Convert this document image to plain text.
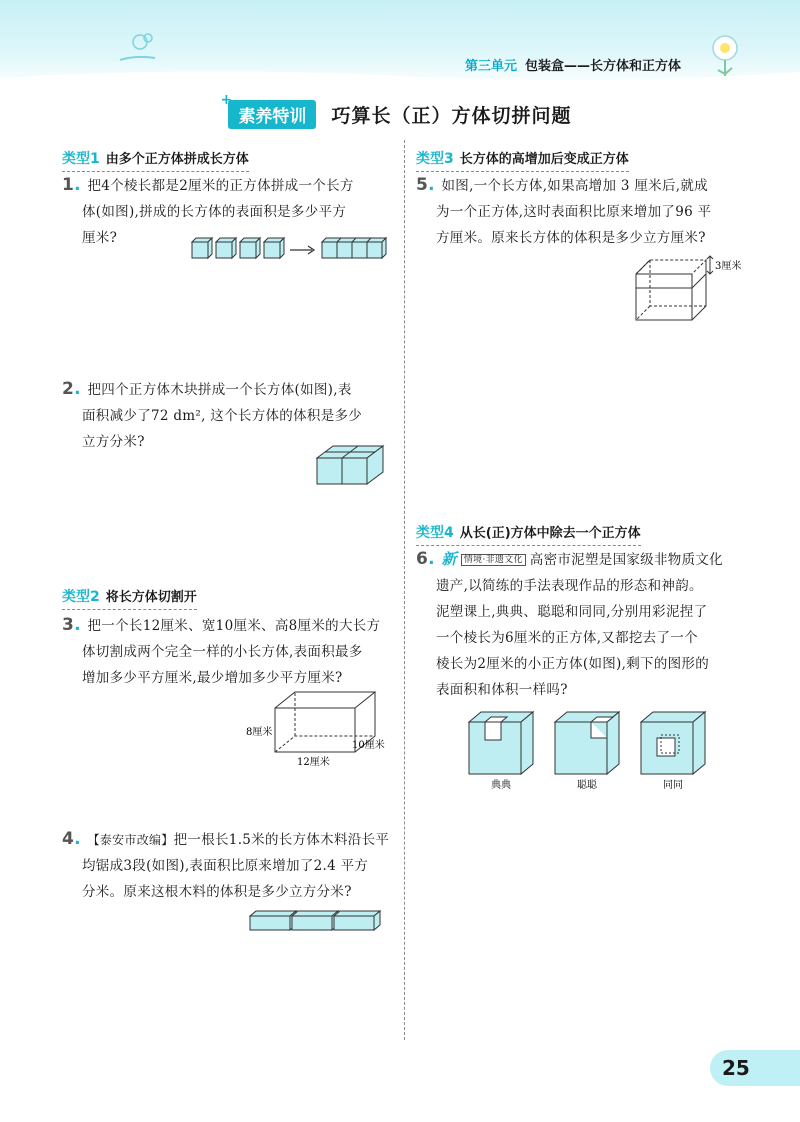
第三单元 包装盒——长方体和正方体
+ 素养特训 巧算长（正）方体切拼问题
类型1 由多个正方体拼成长方体
类型2 将长方体切割开
类型3 长方体的高增加后变成正方体
类型4 从长(正)方体中除去一个正方体
1. 把4个棱长都是2厘米的正方体拼成一个长方
体(如图),拼成的长方体的表面积是多少平方
厘米?
2. 把四个正方体木块拼成一个长方体(如图),表
面积减少了72 dm², 这个长方体的体积是多少
立方分米?
3. 把一个长12厘米、宽10厘米、高8厘米的大长方
体切割成两个完全一样的小长方体,表面积最多
增加多少平方厘米,最少增加多少平方厘米?
8厘米
10厘米
12厘米
4. 【泰安市改编】把一根长1.5米的长方体木料沿长平
均锯成3段(如图),表面积比原来增加了2.4 平方
分米。原来这根木料的体积是多少立方分米?
5. 如图,一个长方体,如果高增加 3 厘米后,就成
为一个正方体,这时表面积比原来增加了96 平
方厘米。原来长方体的体积是多少立方厘米?
3厘米
6. 新 情境·非遗文化 高密市泥塑是国家级非物质文化
遗产,以简练的手法表现作品的形态和神韵。
泥塑课上,典典、聪聪和同同,分别用彩泥捏了
一个棱长为6厘米的正方体,又都挖去了一个
棱长为2厘米的小正方体(如图),剩下的图形的
表面积和体积一样吗?
典典	聪聪	同同
25
